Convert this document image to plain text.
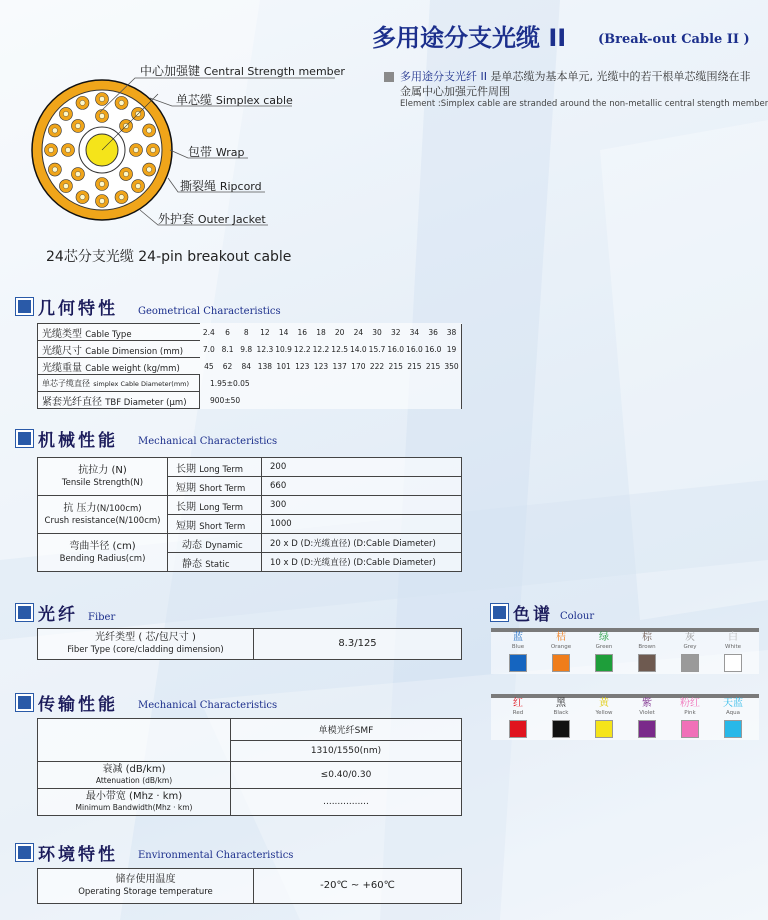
多用途分支光缆 II (Break-out Cable II )
多用途分支光纤 II 是单芯缆为基本单元, 光缆中的若干根单芯缆围绕在非金属中心加强元件周围
Element :Simplex cable are stranded around the non-metallic central stength member
中心加强键 Central Strength member
单芯缆 Simplex cable
包带 Wrap
撕裂绳 Ripcord
外护套 Outer Jacket
24芯分支光缆 24-pin breakout cable
几何特性 Geometrical Characteristics
光缆类型 Cable Type	2.4	6	8	12	14	16	18	20	24	30	32	34	36	38
光缆尺寸 Cable Dimension (mm)	7.0	8.1	9.8	12.3	10.9	12.2	12.2	12.5	14.0	15.7	16.0	16.0	16.0	19
光缆重量 Cable weight (kg/mm)	45	62	84	138	101	123	123	137	170	222	215	215	215	350
单芯子缆直径 simplex Cable Diameter(mm)	1.95±0.05													
紧套光纤直径 TBF Diameter (μm)	900±50													
机械性能 Mechanical Characteristics
抗拉力 (N)
Tensile Strength(N)	长期 Long Term	200
	短期 Short Term	660
抗 压力(N/100cm)
Crush resistance(N/100cm)	长期 Long Term	300
	短期 Short Term	1000
弯曲半径 (cm)
Bending Radius(cm)	动态 Dynamic	20 x D (D:光缆直径) (D:Cable Diameter)
	静态 Static	10 x D (D:光缆直径) (D:Cable Diameter)
光纤 Fiber
光纤类型 ( 芯/包尺寸 )
Fiber Type (core/cladding dimension)	8.3/125
色谱 Colour
蓝
Blue
桔
Orange
绿
Green
棕
Brown
灰
Grey
白
White
红
Red
黑
Black
黄
Yellow
紫
Violet
粉红
Pink
天蓝
Aqua
传输性能 Mechanical Characteristics
	单模光纤SMF
	1310/1550(nm)
衰减 (dB/km)
Attenuation (dB/km)	≤0.40/0.30
最小带宽 (Mhz · km)
Minimum Bandwidth(Mhz · km)	................
环境特性 Environmental Characteristics
储存使用温度
Operating Storage temperature	-20℃ ~ +60℃
